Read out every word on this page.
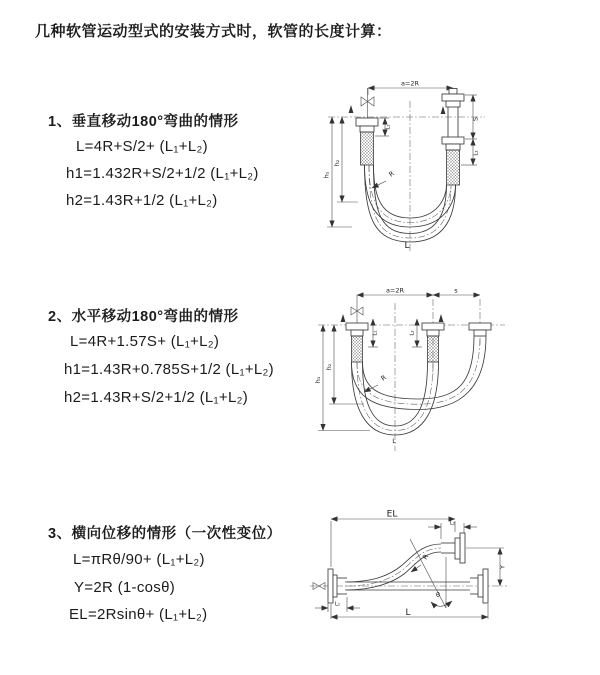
几种软管运动型式的安装方式时，软管的长度计算：
1、垂直移动180°弯曲的情形
L=4R+S/2+ (L₁+L₂)
h1=1.432R+S/2+1/2 (L₁+L₂)
h2=1.43R+1/2 (L₁+L₂)
2、水平移动180°弯曲的情形
L=4R+1.57S+ (L₁+L₂)
h1=1.43R+0.785S+1/2 (L₁+L₂)
h2=1.43R+S/2+1/2 (L₁+L₂)
3、横向位移的情形（一次性变位）
L=πRθ/90+ (L₁+L₂)
Y=2R (1-cosθ)
EL=2Rsinθ+ (L₁+L₂)
a=2R
h₁
h₂
S
L₂
L₁
R
L
a=2R	s
L₁	L₂
h₁
h₂
R
L
EL
L₂
Y
θ
R
L
L₁
